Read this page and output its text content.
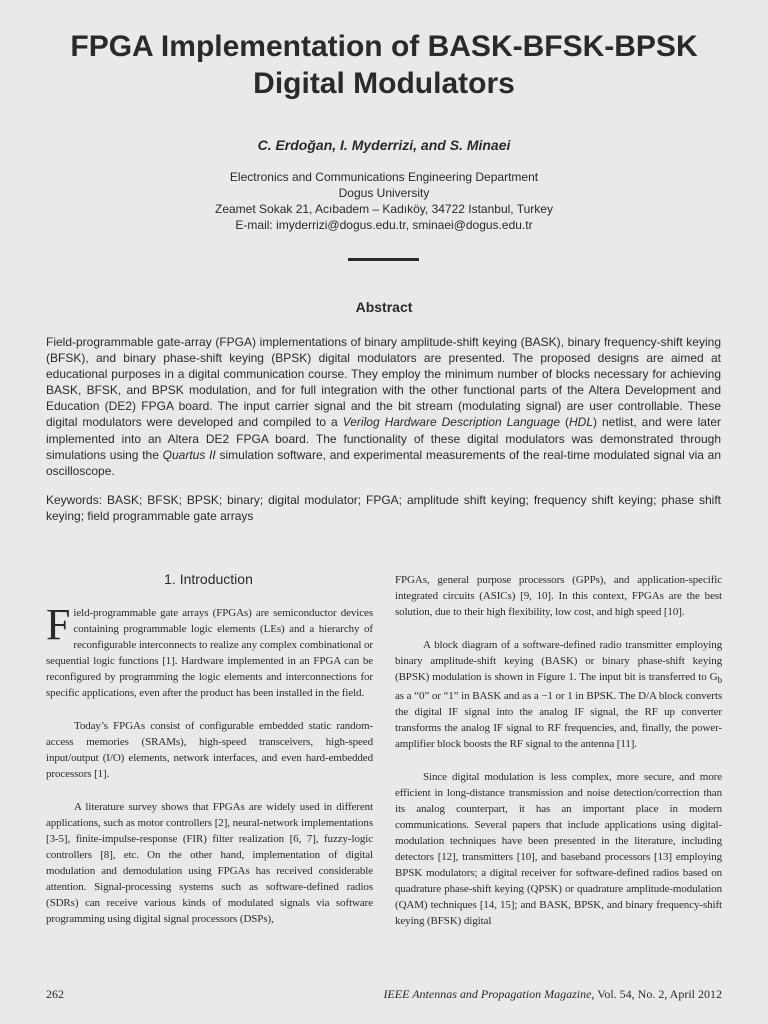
FPGA Implementation of BASK-BFSK-BPSK Digital Modulators
C. Erdoğan, I. Myderrizi, and S. Minaei
Electronics and Communications Engineering Department
Dogus University
Zeamet Sokak 21, Acıbadem – Kadıköy, 34722 Istanbul, Turkey
E-mail: imyderrizi@dogus.edu.tr, sminaei@dogus.edu.tr
Abstract
Field-programmable gate-array (FPGA) implementations of binary amplitude-shift keying (BASK), binary frequency-shift keying (BFSK), and binary phase-shift keying (BPSK) digital modulators are presented. The proposed designs are aimed at educational purposes in a digital communication course. They employ the minimum number of blocks necessary for achieving BASK, BFSK, and BPSK modulation, and for full integration with the other functional parts of the Altera Development and Education (DE2) FPGA board. The input carrier signal and the bit stream (modulating signal) are user controllable. These digital modulators were developed and compiled to a Verilog Hardware Description Language (HDL) netlist, and were later implemented into an Altera DE2 FPGA board. The functionality of these digital modulators was demonstrated through simulations using the Quartus II simulation software, and experimental measurements of the real-time modulated signal via an oscilloscope.
Keywords: BASK; BFSK; BPSK; binary; digital modulator; FPGA; amplitude shift keying; frequency shift keying; phase shift keying; field programmable gate arrays
1. Introduction

Field-programmable gate arrays (FPGAs) are semiconductor devices containing programmable logic elements (LEs) and a hierarchy of reconfigurable interconnects to realize any complex combinational or sequential logic functions [1]. Hardware implemented in an FPGA can be reconfigured by programming the logic elements and interconnections for specific applications, even after the product has been installed in the field.

Today’s FPGAs consist of configurable embedded static random-access memories (SRAMs), high-speed transceivers, high-speed input/output (I/O) elements, network interfaces, and even hard-embedded processors [1].

A literature survey shows that FPGAs are widely used in different applications, such as motor controllers [2], neural-network implementations [3-5], finite-impulse-response (FIR) filter realization [6, 7], fuzzy-logic controllers [8], etc. On the other hand, implementation of digital modulation and demodulation using FPGAs has received considerable attention. Signal-processing systems such as software-defined radios (SDRs) can receive various kinds of modulated signals via software programming using digital signal processors (DSPs),

FPGAs, general purpose processors (GPPs), and application-specific integrated circuits (ASICs) [9, 10]. In this context, FPGAs are the best solution, due to their high flexibility, low cost, and high speed [10].

A block diagram of a software-defined radio transmitter employing binary amplitude-shift keying (BASK) or binary phase-shift keying (BPSK) modulation is shown in Figure 1. The input bit is transferred to $G_b$ as a “0” or “1” in BASK and as a −1 or 1 in BPSK. The D/A block converts the digital IF signal into the analog IF signal, the RF up converter transforms the analog IF signal to RF frequencies, and, finally, the power-amplifier block boosts the RF signal to the antenna [11].

Since digital modulation is less complex, more secure, and more efficient in long-distance transmission and noise detection/correction than its analog counterpart, it has an important place in modern communications. Several papers that include applications using digital-modulation techniques have been presented in the literature, including detectors [12], transmitters [10], and baseband processors [13] employing BPSK modulators; a digital receiver for software-defined radios based on quadrature phase-shift keying (QPSK) or quadrature amplitude-modulation (QAM) techniques [14, 15]; and BASK, BPSK, and binary frequency-shift keying (BFSK) digital

262	IEEE Antennas and Propagation Magazine, Vol. 54, No. 2, April 2012
